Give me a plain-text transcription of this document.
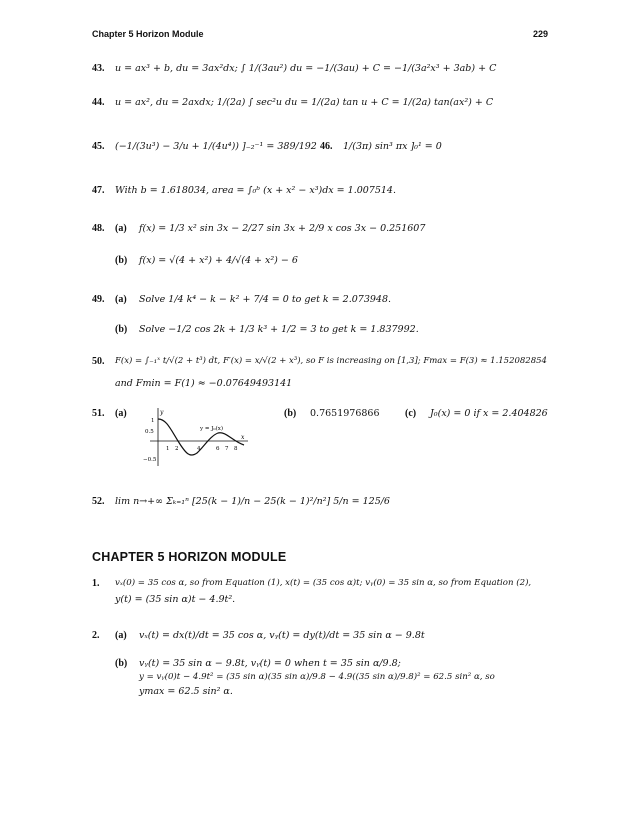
Chapter 5 Horizon Module	229
43. u = ax³ + b, du = 3ax²dx; ∫ 1/(3au²) du = −1/(3au) + C = −1/(3a²x³ + 3ab) + C
44. u = ax², du = 2axdx; 1/(2a) ∫ sec²u du = 1/(2a) tan u + C = 1/(2a) tan(ax²) + C
45. (−1/(3u³) − 3/u + 1/(4u⁴)) ]₋₂⁻¹ = 389/192 46. 1/(3π) sin³ πx ]₀¹ = 0
47. With b = 1.618034, area = ∫₀ᵇ (x + x² − x³)dx = 1.007514.
48. (a) f(x) = 1/3 x² sin 3x − 2/27 sin 3x + 2/9 x cos 3x − 0.251607
(b) f(x) = √(4 + x²) + 4/√(4 + x²) − 6
49. (a) Solve 1/4 k⁴ − k − k² + 7/4 = 0 to get k = 2.073948.
(b) Solve −1/2 cos 2k + 1/3 k³ + 1/2 = 3 to get k = 1.837992.
50. F(x) = ∫₋₁ˣ t/√(2 + t³) dt, F′(x) = x/√(2 + x³), so F is increasing on [1,3]; Fmax = F(3) ≈ 1.152082854
and Fmin = F(1) ≈ −0.07649493141
51. (a)	(b) 0.7651976866	(c) J₀(x) = 0 if x = 2.404826
y
x
y = J₀(x)
1
0.5
−0.5
1 2	4	6 7 8
52. lim n→+∞ Σₖ₌₁ⁿ [25(k − 1)/n − 25(k − 1)²/n²] 5/n = 125/6
CHAPTER 5 HORIZON MODULE
1. vₓ(0) = 35 cos α, so from Equation (1), x(t) = (35 cos α)t; vᵧ(0) = 35 sin α, so from Equation (2),
y(t) = (35 sin α)t − 4.9t².
2. (a) vₓ(t) = dx(t)/dt = 35 cos α, vᵧ(t) = dy(t)/dt = 35 sin α − 9.8t
(b) vᵧ(t) = 35 sin α − 9.8t, vᵧ(t) = 0 when t = 35 sin α/9.8;
y = vᵧ(0)t − 4.9t² = (35 sin α)(35 sin α)/9.8 − 4.9((35 sin α)/9.8)² = 62.5 sin² α, so
ymax = 62.5 sin² α.
